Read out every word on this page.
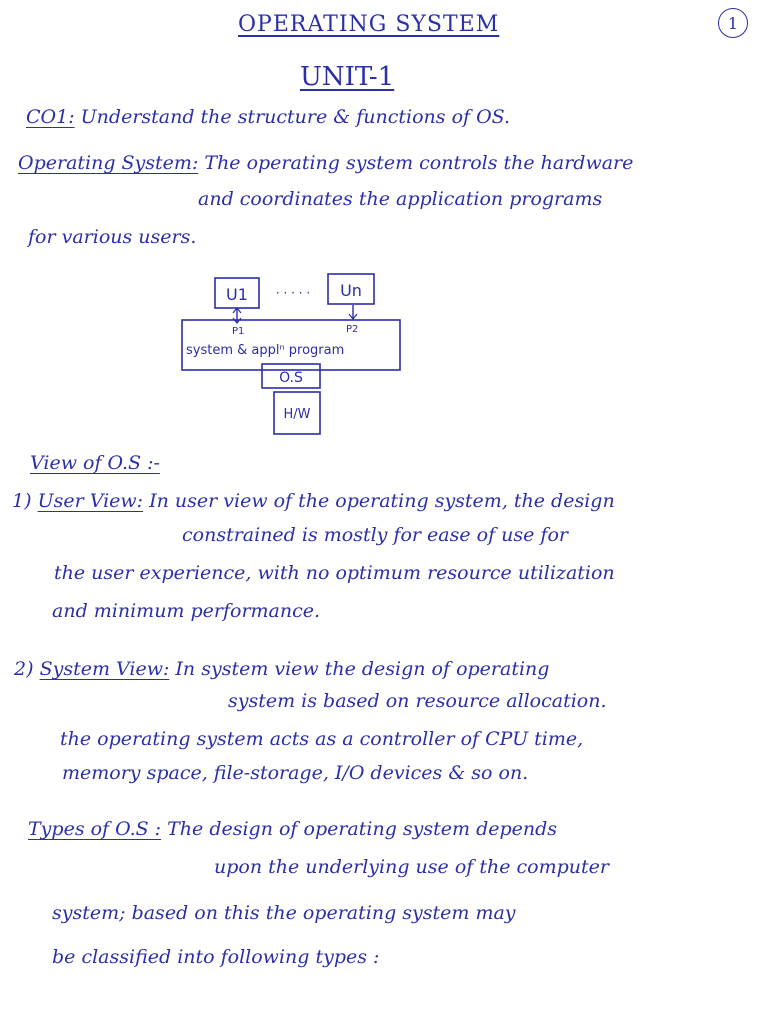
OPERATING SYSTEM	1
UNIT-1
CO1: Understand the structure & functions of OS.
Operating System: The operating system controls the hardware
and coordinates the application programs
for various users.
U1 · · · · · Un
P1	P2
system & applⁿ program
O.S
H/W
View of O.S :-
1) User View: In user view of the operating system, the design
constrained is mostly for ease of use for
the user experience, with no optimum resource utilization
and minimum performance.
2) System View: In system view the design of operating
system is based on resource allocation.
the operating system acts as a controller of CPU time,
memory space, file-storage, I/O devices & so on.
Types of O.S : The design of operating system depends
upon the underlying use of the computer
system; based on this the operating system may
be classified into following types :
